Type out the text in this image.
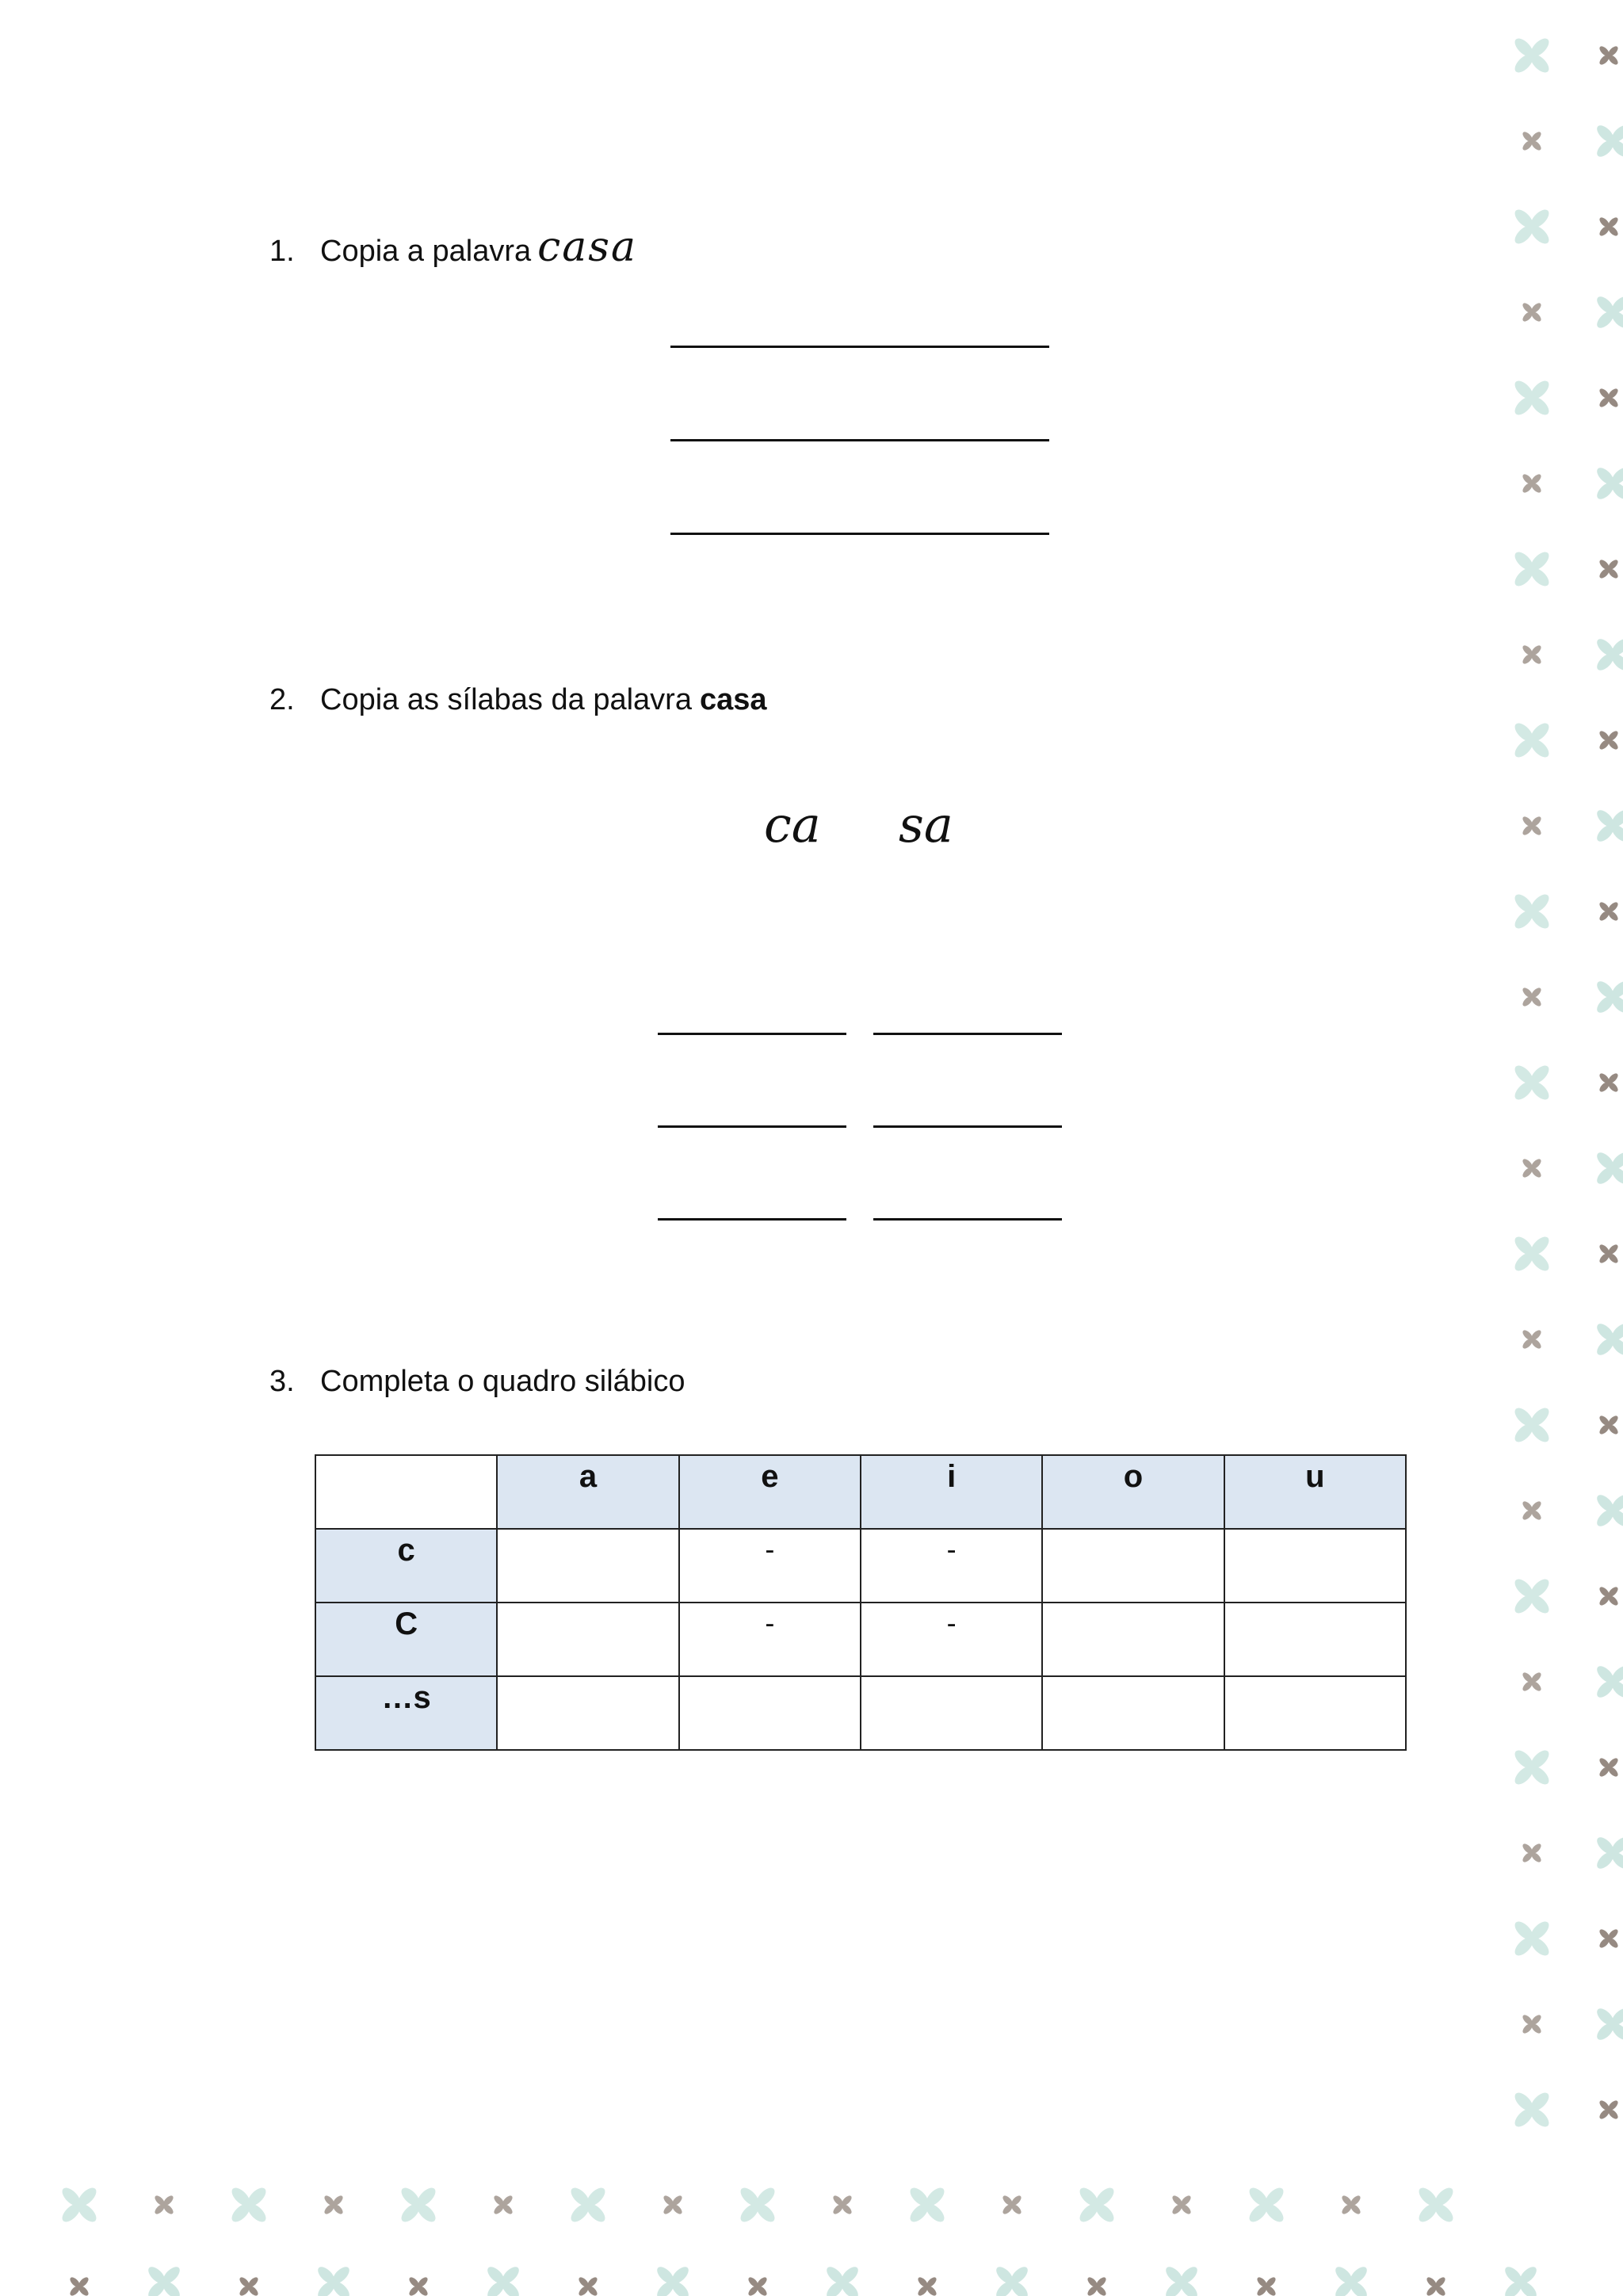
1. Copia a palavra casa
2. Copia as sílabas da palavra casa
ca sa
3. Completa o quadro silábico
	a	e	i	o	u
c		-	-		
C		-	-		
…s					
